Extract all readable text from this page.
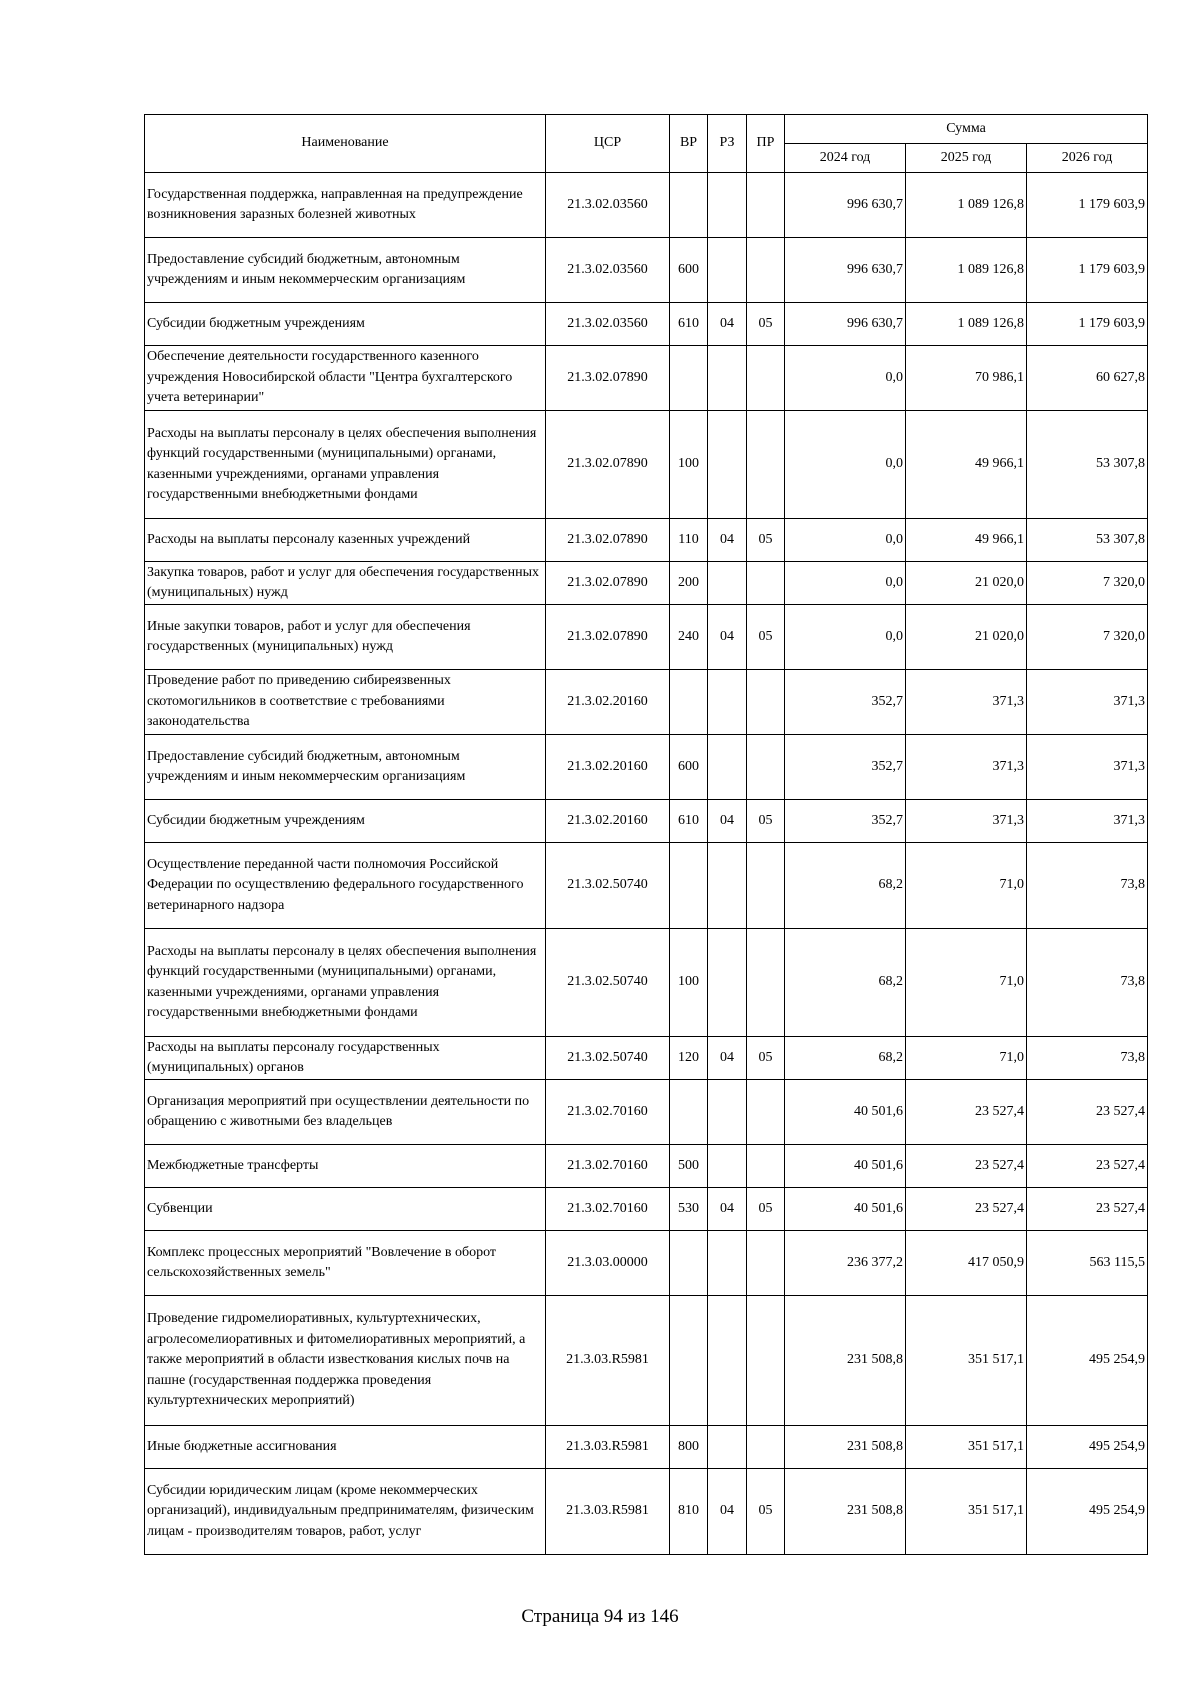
Наименование	ЦСР	ВР	РЗ	ПР	Сумма		
					2024 год	2025 год	2026 год
Государственная поддержка, направленная на предупреждение возникновения заразных болезней животных	21.3.02.03560				996 630,7	1 089 126,8	1 179 603,9
Предоставление субсидий бюджетным, автономным учреждениям и иным некоммерческим организациям	21.3.02.03560	600			996 630,7	1 089 126,8	1 179 603,9
Субсидии бюджетным учреждениям	21.3.02.03560	610	04	05	996 630,7	1 089 126,8	1 179 603,9
Обеспечение деятельности государственного казенного учреждения Новосибирской области "Центра бухгалтерского учета ветеринарии"	21.3.02.07890				0,0	70 986,1	60 627,8
Расходы на выплаты персоналу в целях обеспечения выполнения функций государственными (муниципальными) органами, казенными учреждениями, органами управления государственными внебюджетными фондами	21.3.02.07890	100			0,0	49 966,1	53 307,8
Расходы на выплаты персоналу казенных учреждений	21.3.02.07890	110	04	05	0,0	49 966,1	53 307,8
Закупка товаров, работ и услуг для обеспечения государственных (муниципальных) нужд	21.3.02.07890	200			0,0	21 020,0	7 320,0
Иные закупки товаров, работ и услуг для обеспечения государственных (муниципальных) нужд	21.3.02.07890	240	04	05	0,0	21 020,0	7 320,0
Проведение работ по приведению сибиреязвенных скотомогильников в соответствие с требованиями законодательства	21.3.02.20160				352,7	371,3	371,3
Предоставление субсидий бюджетным, автономным учреждениям и иным некоммерческим организациям	21.3.02.20160	600			352,7	371,3	371,3
Субсидии бюджетным учреждениям	21.3.02.20160	610	04	05	352,7	371,3	371,3
Осуществление переданной части полномочия Российской Федерации по осуществлению федерального государственного ветеринарного надзора	21.3.02.50740				68,2	71,0	73,8
Расходы на выплаты персоналу в целях обеспечения выполнения функций государственными (муниципальными) органами, казенными учреждениями, органами управления государственными внебюджетными фондами	21.3.02.50740	100			68,2	71,0	73,8
Расходы на выплаты персоналу государственных (муниципальных) органов	21.3.02.50740	120	04	05	68,2	71,0	73,8
Организация мероприятий при осуществлении деятельности по обращению с животными без владельцев	21.3.02.70160				40 501,6	23 527,4	23 527,4
Межбюджетные трансферты	21.3.02.70160	500			40 501,6	23 527,4	23 527,4
Субвенции	21.3.02.70160	530	04	05	40 501,6	23 527,4	23 527,4
Комплекс процессных мероприятий "Вовлечение в оборот сельскохозяйственных земель"	21.3.03.00000				236 377,2	417 050,9	563 115,5
Проведение гидромелиоративных, культуртехнических, агролесомелиоративных и фитомелиоративных мероприятий, а также мероприятий в области известкования кислых почв на пашне (государственная поддержка проведения культуртехнических мероприятий)	21.3.03.R5981				231 508,8	351 517,1	495 254,9
Иные бюджетные ассигнования	21.3.03.R5981	800			231 508,8	351 517,1	495 254,9
Субсидии юридическим лицам (кроме некоммерческих организаций), индивидуальным предпринимателям, физическим лицам - производителям товаров, работ, услуг	21.3.03.R5981	810	04	05	231 508,8	351 517,1	495 254,9
Страница 94 из 146
